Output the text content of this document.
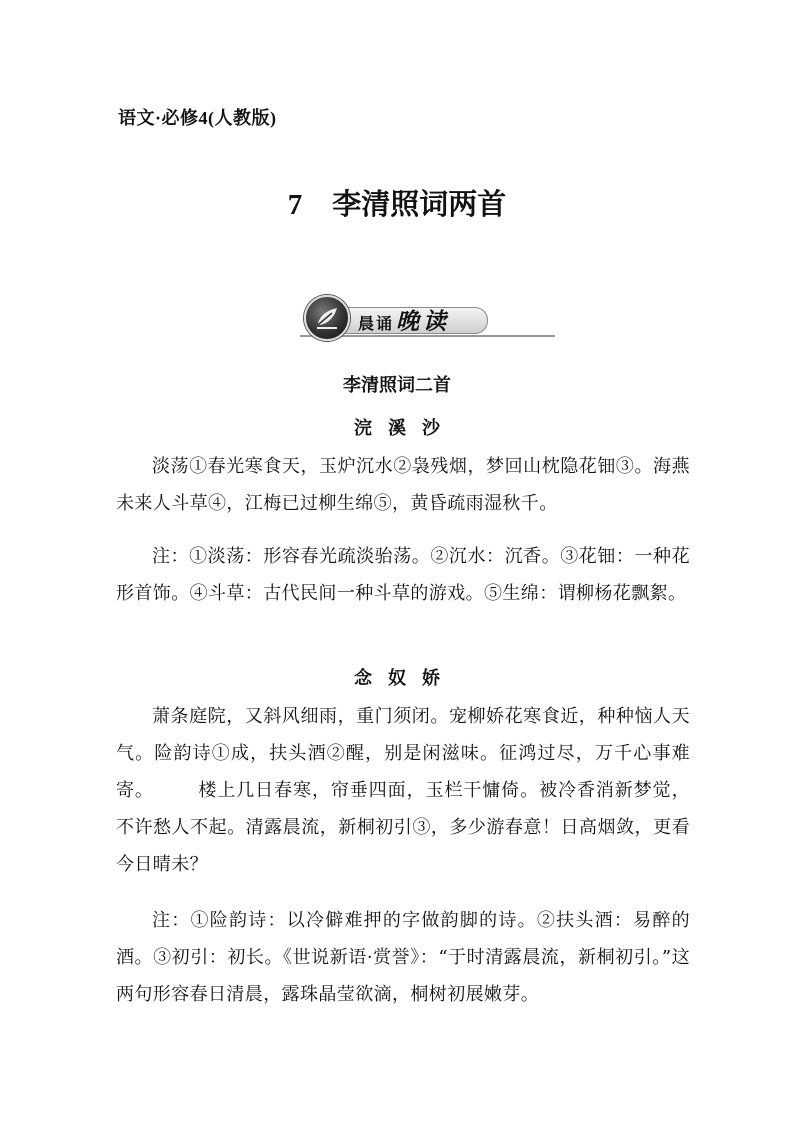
语文·必修4(人教版)
7 李清照词两首
晨诵晚读
李清照词二首
浣溪沙

淡荡①春光寒食天，玉炉沉水②袅残烟，梦回山枕隐花钿③。海燕未来人斗草④，江梅已过柳生绵⑤，黄昏疏雨湿秋千。

注：①淡荡：形容春光疏淡骀荡。②沉水：沉香。③花钿：一种花形首饰。④斗草：古代民间一种斗草的游戏。⑤生绵：谓柳杨花飘絮。

念奴娇

萧条庭院，又斜风细雨，重门须闭。宠柳娇花寒食近，种种恼人天气。险韵诗①成，扶头酒②醒，别是闲滋味。征鸿过尽，万千心事难寄。 楼上几日春寒，帘垂四面，玉栏干慵倚。被冷香消新梦觉，不许愁人不起。清露晨流，新桐初引③，多少游春意！日高烟敛，更看今日晴未？

注：①险韵诗：以冷僻难押的字做韵脚的诗。②扶头酒：易醉的酒。③初引：初长。《世说新语·赏誉》：“于时清露晨流，新桐初引。”这两句形容春日清晨，露珠晶莹欲滴，桐树初展嫩芽。
